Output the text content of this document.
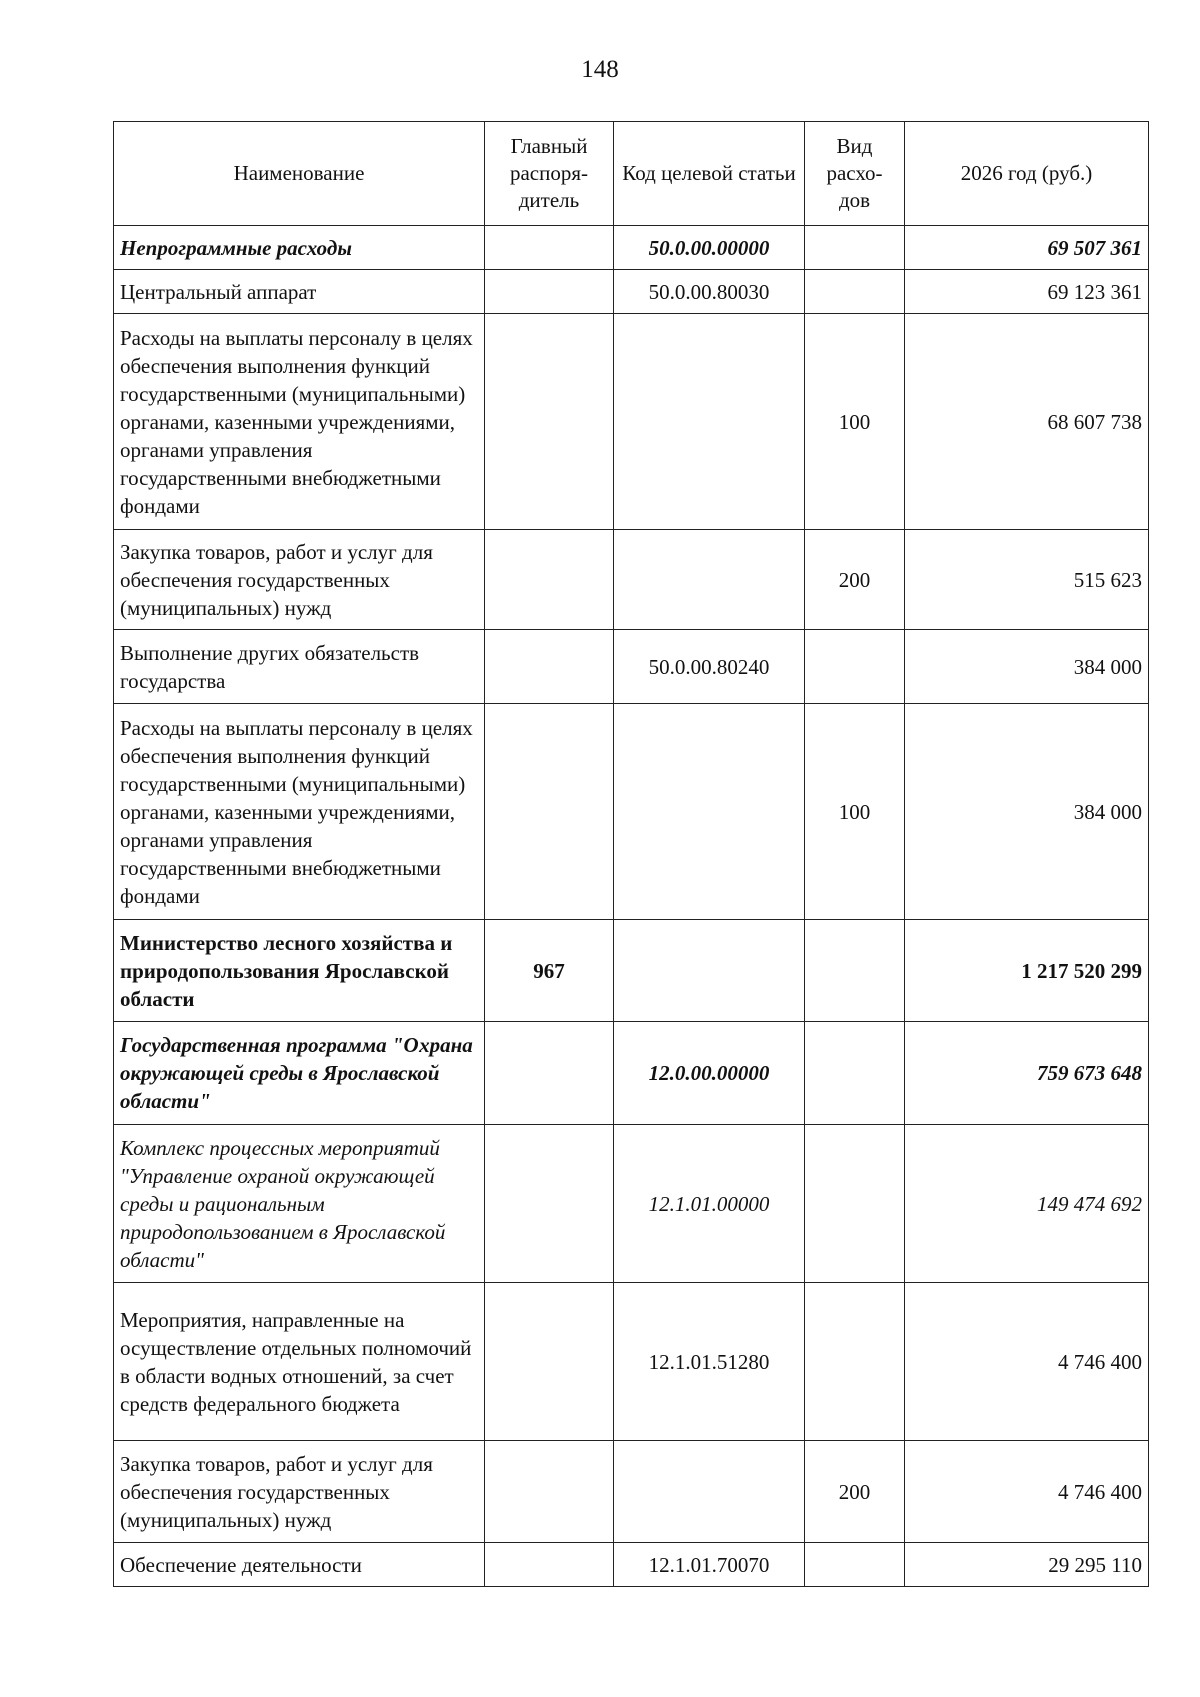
148
Наименование	Главный распоря-дитель	Код целевой статьи	Вид расхо-дов	2026 год (руб.)
Непрограммные расходы		50.0.00.00000		69 507 361
Центральный аппарат		50.0.00.80030		69 123 361
Расходы на выплаты персоналу в целях обеспечения выполнения функций государственными (муниципальными) органами, казенными учреждениями, органами управления государственными внебюджетными фондами			100	68 607 738
Закупка товаров, работ и услуг для обеспечения государственных (муниципальных) нужд			200	515 623
Выполнение других обязательств государства		50.0.00.80240		384 000
Расходы на выплаты персоналу в целях обеспечения выполнения функций государственными (муниципальными) органами, казенными учреждениями, органами управления государственными внебюджетными фондами			100	384 000
Министерство лесного хозяйства и природопользования Ярославской области	967			1 217 520 299
Государственная программа "Охрана окружающей среды в Ярославской области"		12.0.00.00000		759 673 648
Комплекс процессных мероприятий "Управление охраной окружающей среды и рациональным природопользованием в Ярославской области"		12.1.01.00000		149 474 692
Мероприятия, направленные на осуществление отдельных полномочий в области водных отношений, за счет средств федерального бюджета		12.1.01.51280		4 746 400
Закупка товаров, работ и услуг для обеспечения государственных (муниципальных) нужд			200	4 746 400
Обеспечение деятельности		12.1.01.70070		29 295 110
